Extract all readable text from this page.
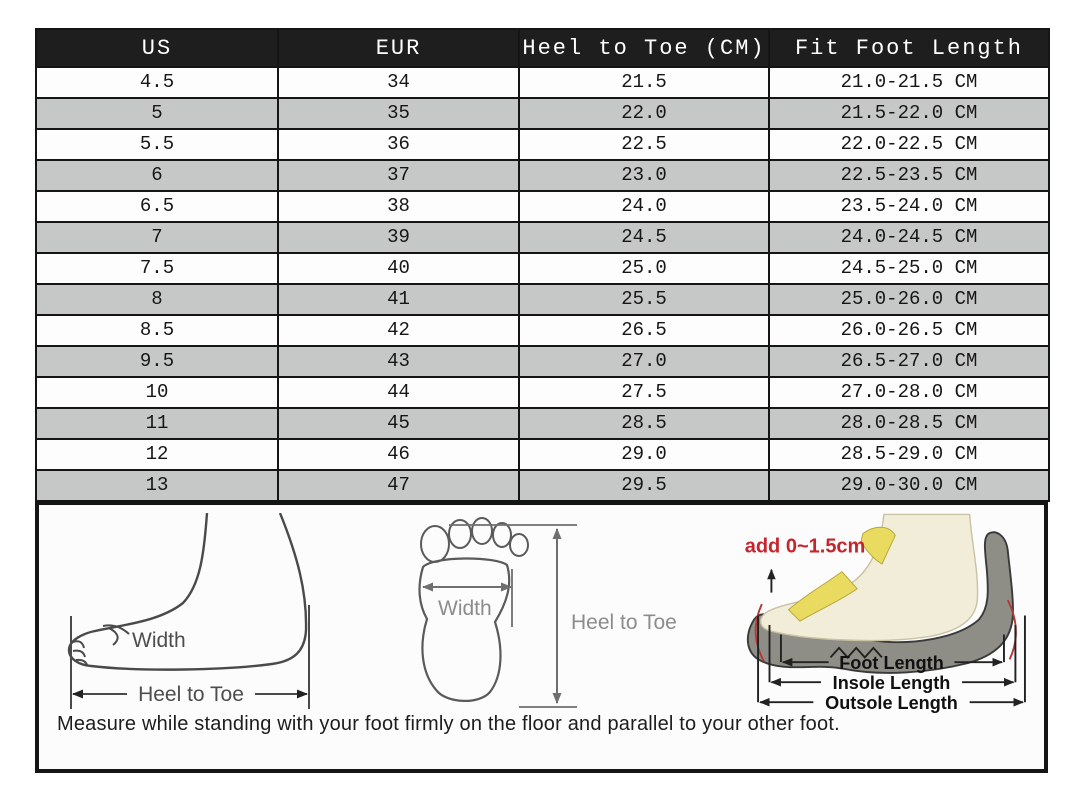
US	EUR	Heel to Toe (CM)	Fit Foot Length
4.5	34	21.5	21.0-21.5 CM
5	35	22.0	21.5-22.0 CM
5.5	36	22.5	22.0-22.5 CM
6	37	23.0	22.5-23.5 CM
6.5	38	24.0	23.5-24.0 CM
7	39	24.5	24.0-24.5 CM
7.5	40	25.0	24.5-25.0 CM
8	41	25.5	25.0-26.0 CM
8.5	42	26.5	26.0-26.5 CM
9.5	43	27.0	26.5-27.0 CM
10	44	27.5	27.0-28.0 CM
11	45	28.5	28.0-28.5 CM
12	46	29.0	28.5-29.0 CM
13	47	29.5	29.0-30.0 CM
Width
Heel to Toe
Width
Heel to Toe
add 0~1.5cm
Foot Length
Insole Length
Outsole Length

Measure while standing with your foot firmly on the floor and parallel to your other foot.
